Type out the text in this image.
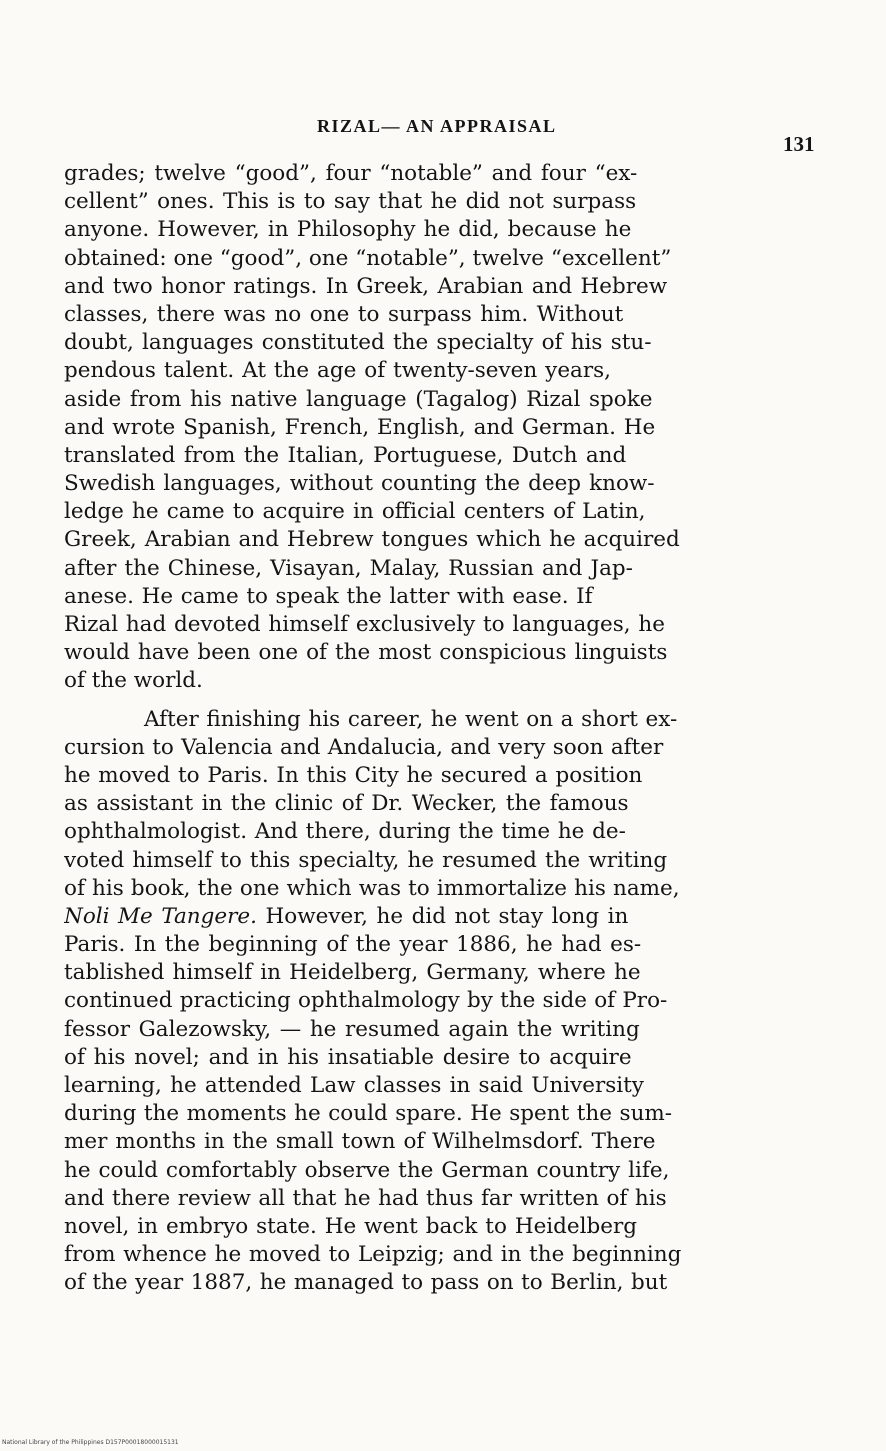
RIZAL— AN APPRAISAL
131
grades; twelve “good”, four “notable” and four “ex-
cellent” ones. This is to say that he did not surpass
anyone. However, in Philosophy he did, because he
obtained: one “good”, one “notable”, twelve “excellent”
and two honor ratings. In Greek, Arabian and Hebrew
classes, there was no one to surpass him. Without
doubt, languages constituted the specialty of his stu-
pendous talent. At the age of twenty-seven years,
aside from his native language (Tagalog) Rizal spoke
and wrote Spanish, French, English, and German. He
translated from the Italian, Portuguese, Dutch and
Swedish languages, without counting the deep know-
ledge he came to acquire in official centers of Latin,
Greek, Arabian and Hebrew tongues which he acquired
after the Chinese, Visayan, Malay, Russian and Jap-
anese. He came to speak the latter with ease. If
Rizal had devoted himself exclusively to languages, he
would have been one of the most conspicious linguists
of the world.
After finishing his career, he went on a short ex-
cursion to Valencia and Andalucia, and very soon after
he moved to Paris. In this City he secured a position
as assistant in the clinic of Dr. Wecker, the famous
ophthalmologist. And there, during the time he de-
voted himself to this specialty, he resumed the writing
of his book, the one which was to immortalize his name,
Noli Me Tangere. However, he did not stay long in
Paris. In the beginning of the year 1886, he had es-
tablished himself in Heidelberg, Germany, where he
continued practicing ophthalmology by the side of Pro-
fessor Galezowsky, — he resumed again the writing
of his novel; and in his insatiable desire to acquire
learning, he attended Law classes in said University
during the moments he could spare. He spent the sum-
mer months in the small town of Wilhelmsdorf. There
he could comfortably observe the German country life,
and there review all that he had thus far written of his
novel, in embryo state. He went back to Heidelberg
from whence he moved to Leipzig; and in the beginning
of the year 1887, he managed to pass on to Berlin, but
National Library of the Philippines D157P00018000015131
